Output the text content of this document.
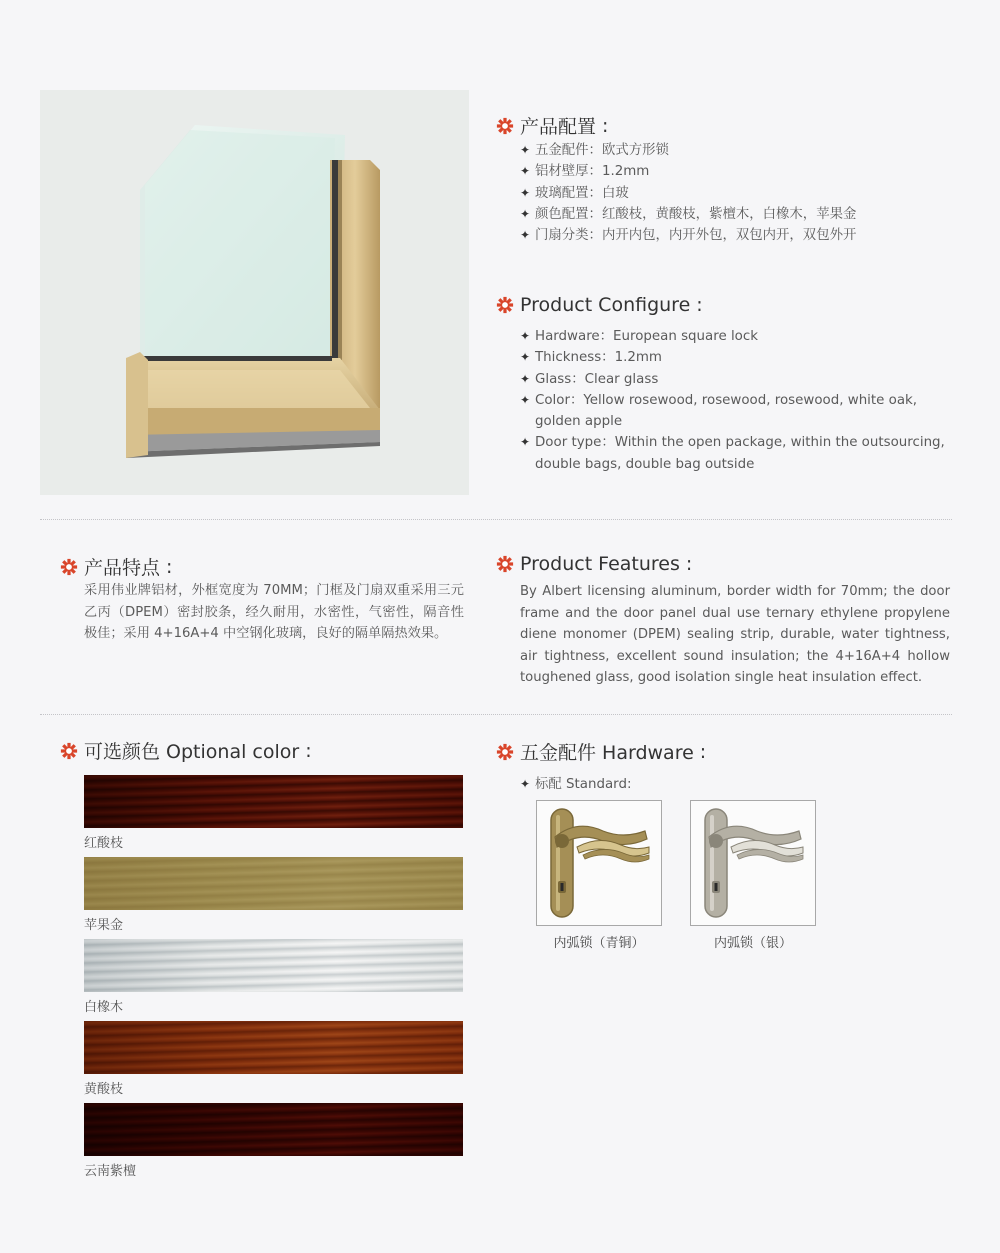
产品配置 :
✦ 五金配件：欧式方形锁
✦ 铝材壁厚：1.2mm
✦ 玻璃配置：白玻
✦ 颜色配置：红酸枝，黄酸枝，紫檀木，白橡木，苹果金
✦ 门扇分类：内开内包，内开外包，双包内开，双包外开
Product Configure :
✦ Hardware：European square lock
✦ Thickness：1.2mm
✦ Glass：Clear glass
✦ Color：Yellow rosewood, rosewood, rosewood, white oak, golden apple
✦ Door type：Within the open package, within the outsourcing, double bags, double bag outside
产品特点 :
采用伟业牌铝材，外框宽度为 70MM；门框及门扇双重采用三元乙丙（DPEM）密封胶条，经久耐用，水密性，气密性，隔音性极佳；采用 4+16A+4 中空钢化玻璃，良好的隔单隔热效果。
Product Features :
By Albert licensing aluminum, border width for 70mm; the door frame and the door panel dual use ternary ethylene propylene diene monomer (DPEM) sealing strip, durable, water tightness, air tightness, excellent sound insulation; the 4+16A+4 hollow toughened glass, good isolation single heat insulation effect.
可选颜色 Optional color :
红酸枝
苹果金
白橡木
黄酸枝
云南紫檀
五金配件 Hardware :
✦ 标配 Standard:
内弧锁（青铜）	内弧锁（银）
